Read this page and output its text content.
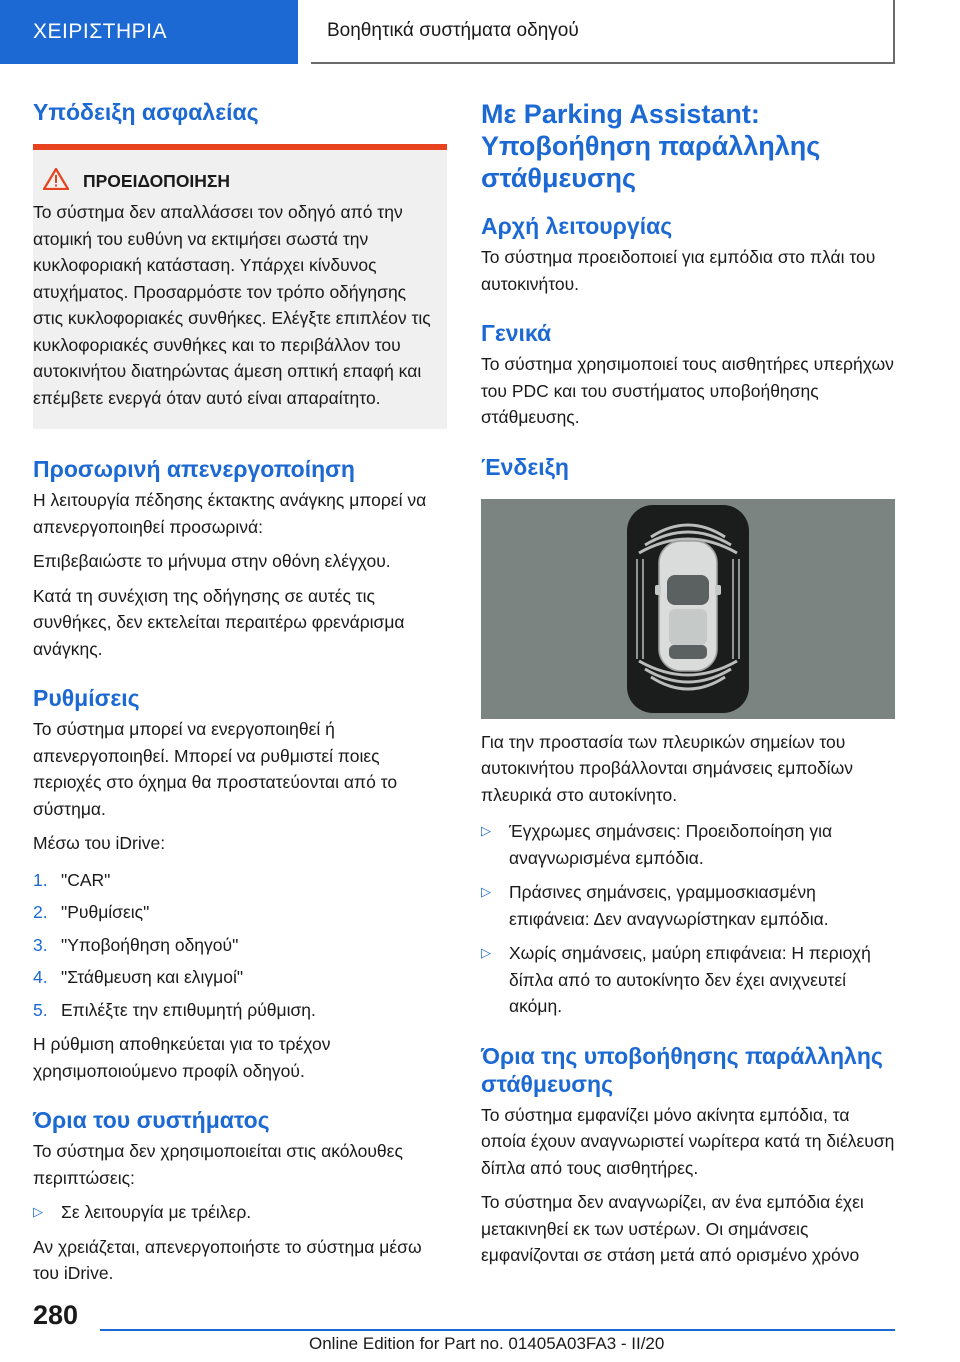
ΧΕΙΡΙΣΤΗΡΙΑ	Βοηθητικά συστήματα οδηγού
Υπόδειξη ασφαλείας
ΠΡΟΕΙΔΟΠΟΙΗΣΗ

Το σύστημα δεν απαλλάσσει τον οδηγό από την ατομική του ευθύνη να εκτιμήσει σωστά την κυκλοφοριακή κατάσταση. Υπάρχει κίνδυνος ατυχήματος. Προσαρμόστε τον τρόπο οδήγησης στις κυκλοφοριακές συνθήκες. Ελέγξτε επιπλέον τις κυκλοφοριακές συνθήκες και το περιβάλλον του αυτοκινήτου διατηρώντας άμεση οπτική επαφή και επέμβετε ενεργά όταν αυτό είναι απαραίτητο.

Προσωρινή απενεργοποίηση

Η λειτουργία πέδησης έκτακτης ανάγκης μπορεί να απενεργοποιηθεί προσωρινά:

Επιβεβαιώστε το μήνυμα στην οθόνη ελέγχου.

Κατά τη συνέχιση της οδήγησης σε αυτές τις συνθήκες, δεν εκτελείται περαιτέρω φρενάρισμα ανάγκης.

Ρυθμίσεις

Το σύστημα μπορεί να ενεργοποιηθεί ή απενεργοποιηθεί. Μπορεί να ρυθμιστεί ποιες περιοχές στο όχημα θα προστατεύονται από το σύστημα.

Μέσω του iDrive:

1. "CAR"
2. "Ρυθμίσεις"
3. "Υποβοήθηση οδηγού"
4. "Στάθμευση και ελιγμοί"
5. Επιλέξτε την επιθυμητή ρύθμιση.

Η ρύθμιση αποθηκεύεται για το τρέχον χρησιμοποιούμενο προφίλ οδηγού.

Όρια του συστήματος

Το σύστημα δεν χρησιμοποιείται στις ακόλουθες περιπτώσεις:

▷	Σε λειτουργία με τρέιλερ.

Αν χρειάζεται, απενεργοποιήστε το σύστημα μέσω του iDrive.

Με Parking Assistant: Υποβοήθηση παράλληλης στάθμευσης
Αρχή λειτουργίας

Το σύστημα προειδοποιεί για εμπόδια στο πλάι του αυτοκινήτου.

Γενικά

Το σύστημα χρησιμοποιεί τους αισθητήρες υπερήχων του PDC και του συστήματος υποβοήθησης στάθμευσης.

Ένδειξη

Για την προστασία των πλευρικών σημείων του αυτοκινήτου προβάλλονται σημάνσεις εμποδίων πλευρικά στο αυτοκίνητο.

▷	Έγχρωμες σημάνσεις: Προειδοποίηση για αναγνωρισμένα εμπόδια.
▷	Πράσινες σημάνσεις, γραμμοσκιασμένη επιφάνεια: Δεν αναγνωρίστηκαν εμπόδια.
▷	Χωρίς σημάνσεις, μαύρη επιφάνεια: Η περιοχή δίπλα από το αυτοκίνητο δεν έχει ανιχνευτεί ακόμη.
Όρια της υποβοήθησης παράλληλης στάθμευσης

Το σύστημα εμφανίζει μόνο ακίνητα εμπόδια, τα οποία έχουν αναγνωριστεί νωρίτερα κατά τη διέλευση δίπλα από τους αισθητήρες.

Το σύστημα δεν αναγνωρίζει, αν ένα εμπόδια έχει μετακινηθεί εκ των υστέρων. Οι σημάνσεις εμφανίζονται σε στάση μετά από ορισμένο χρόνο

280
Online Edition for Part no. 01405A03FA3 - II/20
